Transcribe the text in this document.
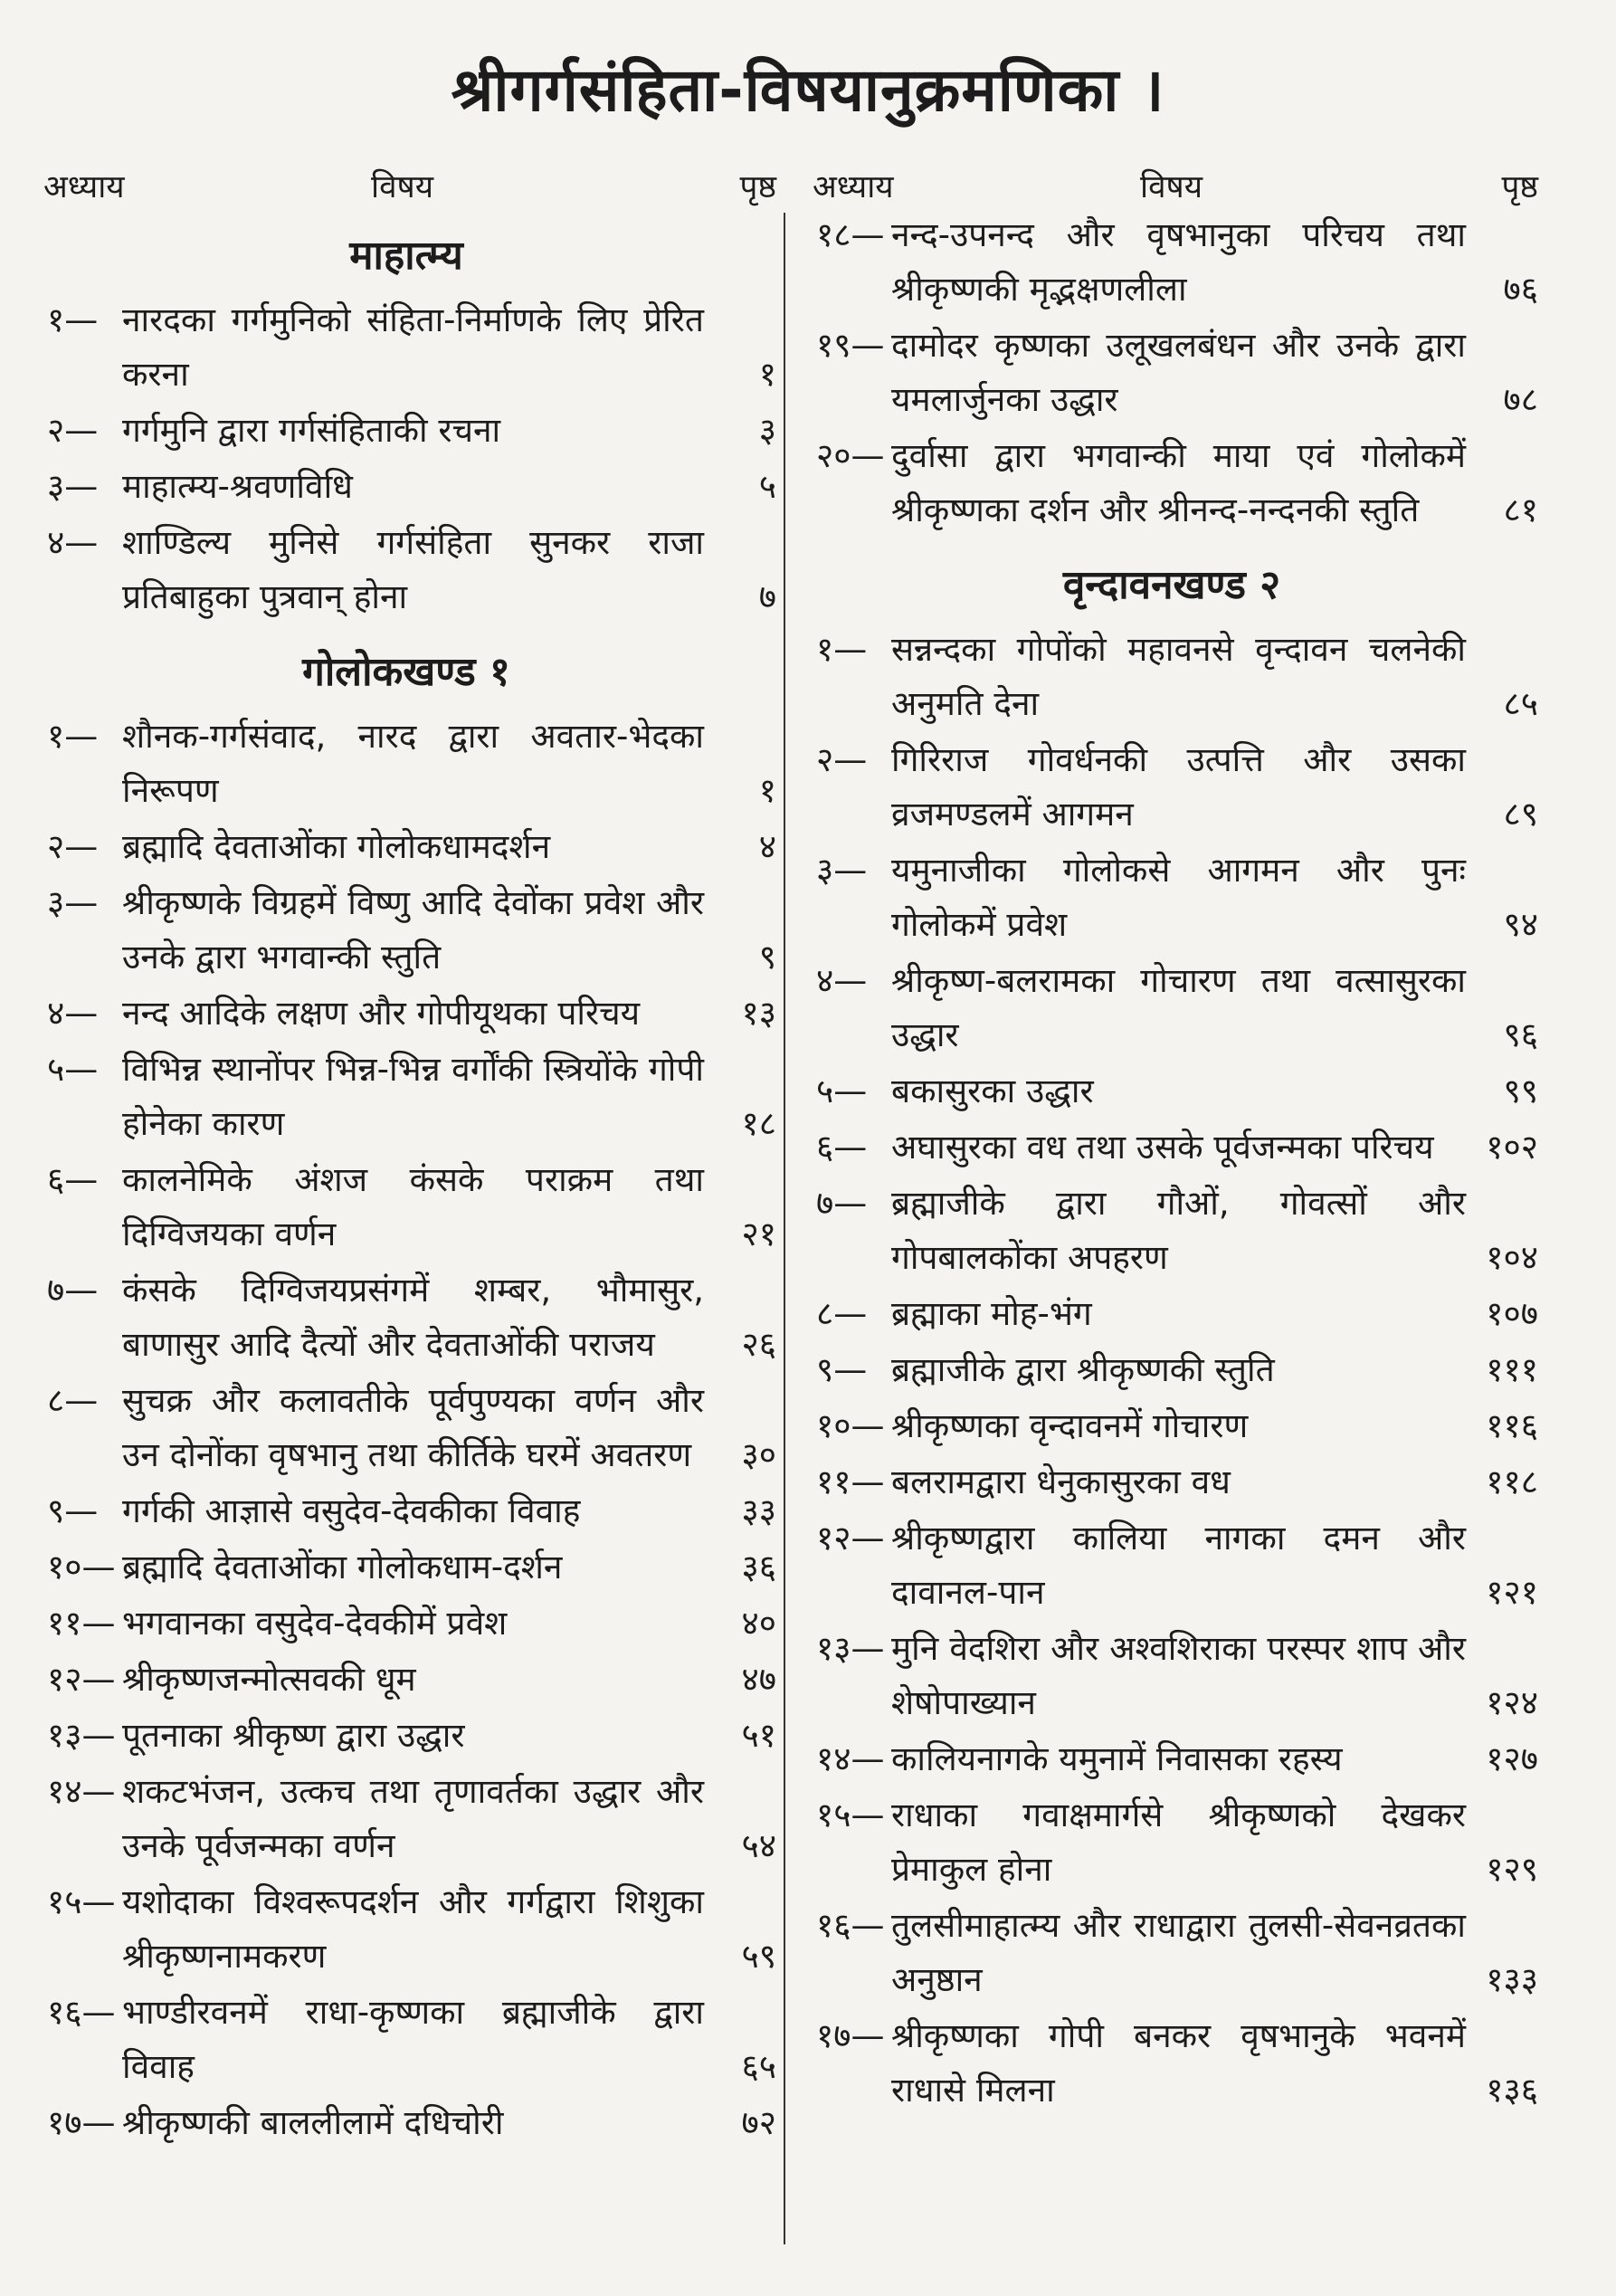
श्रीगर्गसंहिता-विषयानुक्रमणिका ।
अध्याय	विषय	पृष्ठ
माहात्म्य
१ —	नारदका गर्गमुनिको संहिता-निर्माणके लिए प्रेरित करना	१
२ —	गर्गमुनि द्वारा गर्गसंहिताकी रचना	३
३ —	माहात्म्य-श्रवणविधि	५
४ —	शाण्डिल्य मुनिसे गर्गसंहिता सुनकर राजा प्रतिबाहुका पुत्रवान् होना	७
गोलोकखण्ड १
१ —	शौनक-गर्गसंवाद, नारद द्वारा अवतार-भेदका निरूपण	१
२ —	ब्रह्मादि देवताओंका गोलोकधामदर्शन	४
३ —	श्रीकृष्णके विग्रहमें विष्णु आदि देवोंका प्रवेश और उनके द्वारा भगवान्की स्तुति	९
४ —	नन्द आदिके लक्षण और गोपीयूथका परिचय	१३
५ —	विभिन्न स्थानोंपर भिन्न-भिन्न वर्गोंकी स्त्रियोंके गोपी होनेका कारण	१८
६ —	कालनेमिके अंशज कंसके पराक्रम तथा दिग्विजयका वर्णन	२१
७ —	कंसके दिग्विजयप्रसंगमें शम्बर, भौमासुर, बाणासुर आदि दैत्यों और देवताओंकी पराजय	२६
८ —	सुचक्र और कलावतीके पूर्वपुण्यका वर्णन और उन दोनोंका वृषभानु तथा कीर्तिके घरमें अवतरण	३०
९ —	गर्गकी आज्ञासे वसुदेव-देवकीका विवाह	३३
१० —	ब्रह्मादि देवताओंका गोलोकधाम-दर्शन	३६
११ —	भगवानका वसुदेव-देवकीमें प्रवेश	४०
१२ —	श्रीकृष्णजन्मोत्सवकी धूम	४७
१३ —	पूतनाका श्रीकृष्ण द्वारा उद्धार	५१
१४ —	शकटभंजन, उत्कच तथा तृणावर्तका उद्धार और उनके पूर्वजन्मका वर्णन	५४
१५ —	यशोदाका विश्वरूपदर्शन और गर्गद्वारा शिशुका श्रीकृष्णनामकरण	५९
१६ —	भाण्डीरवनमें राधा-कृष्णका ब्रह्माजीके द्वारा विवाह	६५
१७ —	श्रीकृष्णकी बाललीलामें दधिचोरी	७२
अध्याय	विषय	पृष्ठ
१८ —	नन्द-उपनन्द और वृषभानुका परिचय तथा श्रीकृष्णकी मृद्भक्षणलीला	७६
१९ —	दामोदर कृष्णका उलूखलबंधन और उनके द्वारा यमलार्जुनका उद्धार	७८
२० —	दुर्वासा द्वारा भगवान्की माया एवं गोलोकमें श्रीकृष्णका दर्शन और श्रीनन्द-नन्दनकी स्तुति	८१
वृन्दावनखण्ड २
१ —	सन्नन्दका गोपोंको महावनसे वृन्दावन चलनेकी अनुमति देना	८५
२ —	गिरिराज गोवर्धनकी उत्पत्ति और उसका व्रजमण्डलमें आगमन	८९
३ —	यमुनाजीका गोलोकसे आगमन और पुनः गोलोकमें प्रवेश	९४
४ —	श्रीकृष्ण-बलरामका गोचारण तथा वत्सासुरका उद्धार	९६
५ —	बकासुरका उद्धार	९९
६ —	अघासुरका वध तथा उसके पूर्वजन्मका परिचय	१०२
७ —	ब्रह्माजीके द्वारा गौओं, गोवत्सों और गोपबालकोंका अपहरण	१०४
८ —	ब्रह्माका मोह-भंग	१०७
९ —	ब्रह्माजीके द्वारा श्रीकृष्णकी स्तुति	१११
१० —	श्रीकृष्णका वृन्दावनमें गोचारण	११६
११ —	बलरामद्वारा धेनुकासुरका वध	११८
१२ —	श्रीकृष्णद्वारा कालिया नागका दमन और दावानल-पान	१२१
१३ —	मुनि वेदशिरा और अश्वशिराका परस्पर शाप और शेषोपाख्यान	१२४
१४ —	कालियनागके यमुनामें निवासका रहस्य	१२७
१५ —	राधाका गवाक्षमार्गसे श्रीकृष्णको देखकर प्रेमाकुल होना	१२९
१६ —	तुलसीमाहात्म्य और राधाद्वारा तुलसी-सेवनव्रतका अनुष्ठान	१३३
१७ —	श्रीकृष्णका गोपी बनकर वृषभानुके भवनमें राधासे मिलना	१३६
